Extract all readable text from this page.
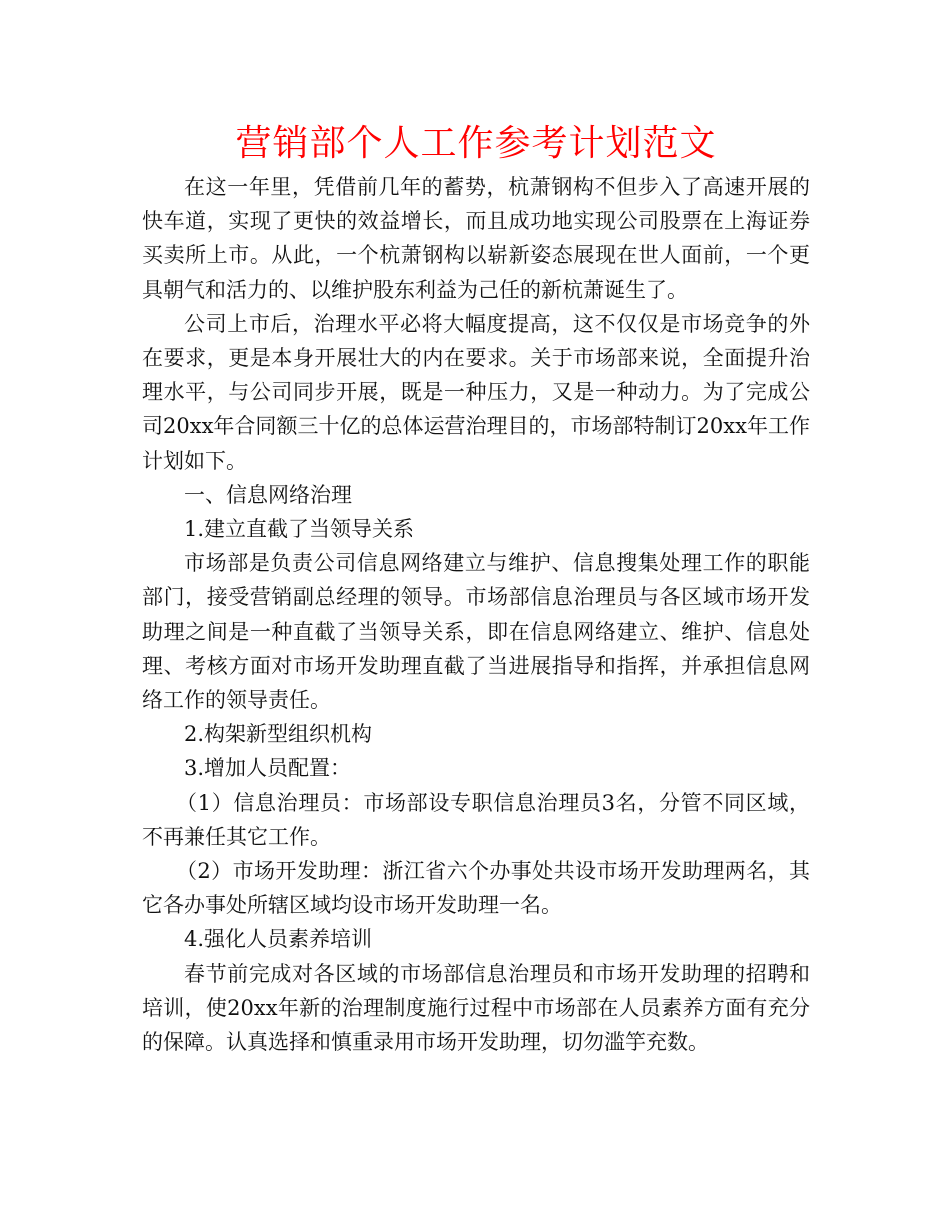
营销部个人工作参考计划范文

在这一年里，凭借前几年的蓄势，杭萧钢构不但步入了高速开展的快车道，实现了更快的效益增长，而且成功地实现公司股票在上海证券买卖所上市。从此，一个杭萧钢构以崭新姿态展现在世人面前，一个更具朝气和活力的、以维护股东利益为己任的新杭萧诞生了。

公司上市后，治理水平必将大幅度提高，这不仅仅是市场竞争的外在要求，更是本身开展壮大的内在要求。关于市场部来说，全面提升治理水平，与公司同步开展，既是一种压力，又是一种动力。为了完成公司20xx年合同额三十亿的总体运营治理目的，市场部特制订20xx年工作计划如下。

一、信息网络治理

1.建立直截了当领导关系

市场部是负责公司信息网络建立与维护、信息搜集处理工作的职能部门，接受营销副总经理的领导。市场部信息治理员与各区域市场开发助理之间是一种直截了当领导关系，即在信息网络建立、维护、信息处理、考核方面对市场开发助理直截了当进展指导和指挥，并承担信息网络工作的领导责任。

2.构架新型组织机构

3.增加人员配置：

（1）信息治理员：市场部设专职信息治理员3名，分管不同区域，不再兼任其它工作。

（2）市场开发助理：浙江省六个办事处共设市场开发助理两名，其它各办事处所辖区域均设市场开发助理一名。

4.强化人员素养培训

春节前完成对各区域的市场部信息治理员和市场开发助理的招聘和培训，使20xx年新的治理制度施行过程中市场部在人员素养方面有充分的保障。认真选择和慎重录用市场开发助理，切勿滥竽充数。
